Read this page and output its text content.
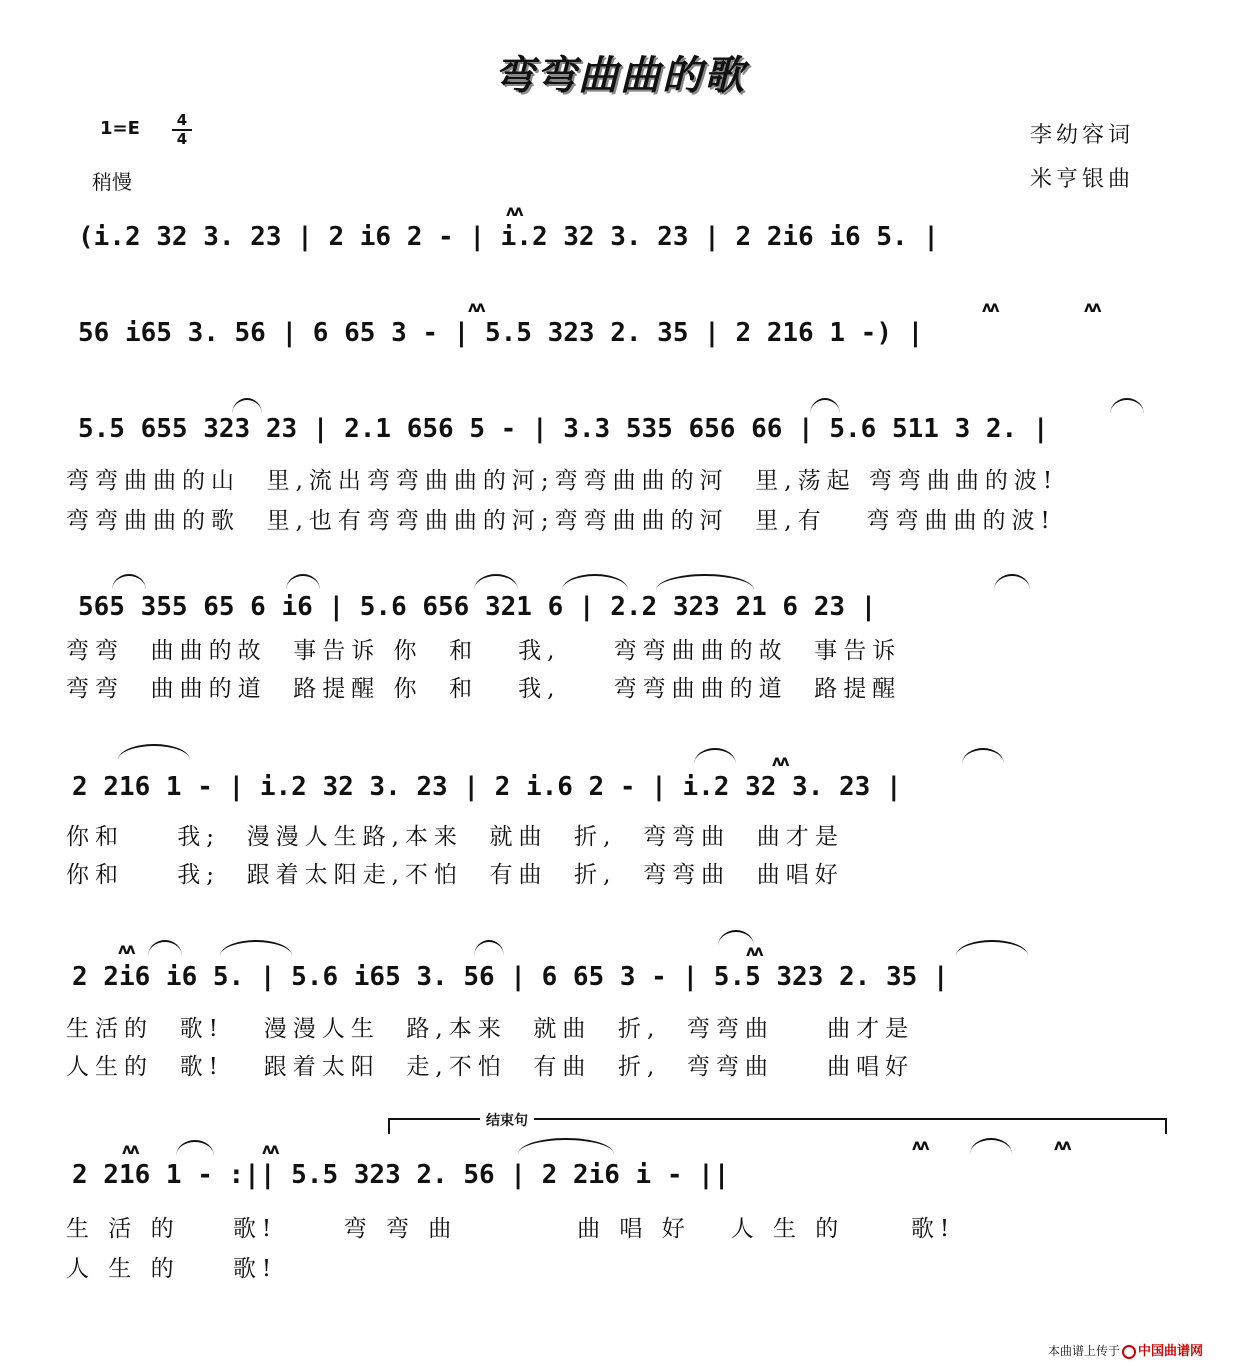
弯弯曲曲的歌
1=E	4
4
稍慢
李幼容词
米亨银曲
(i.2 32 3. 23 | 2 i6 2 - | i.2 32 3. 23 | 2 2i6 i6 5. |
56 i65 3. 56 | 6 65 3 - | 5.5 323 2. 35 | 2 216 1 -) |
5.5 655 323 23 | 2.1 656 5 - | 3.3 535 656 66 | 5.6 511 3 2. |
弯弯曲曲的山  里,流出弯弯曲曲的河;弯弯曲曲的河  里,荡起 弯弯曲曲的波!
弯弯曲曲的歌  里,也有弯弯曲曲的河;弯弯曲曲的河  里,有   弯弯曲曲的波!
565 355 65 6 i6 | 5.6 656 321 6 | 2.2 323 21 6 23 |
弯弯  曲曲的故  事告诉 你  和   我,    弯弯曲曲的故  事告诉
弯弯  曲曲的道  路提醒 你  和   我,    弯弯曲曲的道  路提醒
2 216 1 - | i.2 32 3. 23 | 2 i.6 2 - | i.2 32 3. 23 |
你和    我;  漫漫人生路,本来  就曲  折,  弯弯曲  曲才是
你和    我;  跟着太阳走,不怕  有曲  折,  弯弯曲  曲唱好
2 2i6 i6 5. | 5.6 i65 3. 56 | 6 65 3 - | 5.5 323 2. 35 |
生活的  歌!   漫漫人生  路,本来  就曲  折,  弯弯曲    曲才是
人生的  歌!   跟着太阳  走,不怕  有曲  折,  弯弯曲    曲唱好
结束句
2 216 1 - :|| 5.5 323 2. 56 | 2 2i6 i - ||
生 活 的    歌!     弯 弯 曲         曲 唱 好   人 生 的     歌!
人 生 的    歌!
ʌʌ
ʌʌ	ʌʌ	ʌʌ
ʌʌ
ʌʌ	ʌʌ
ʌʌ	ʌʌ	ʌʌ	ʌʌ
本曲谱上传于 中国曲谱网
